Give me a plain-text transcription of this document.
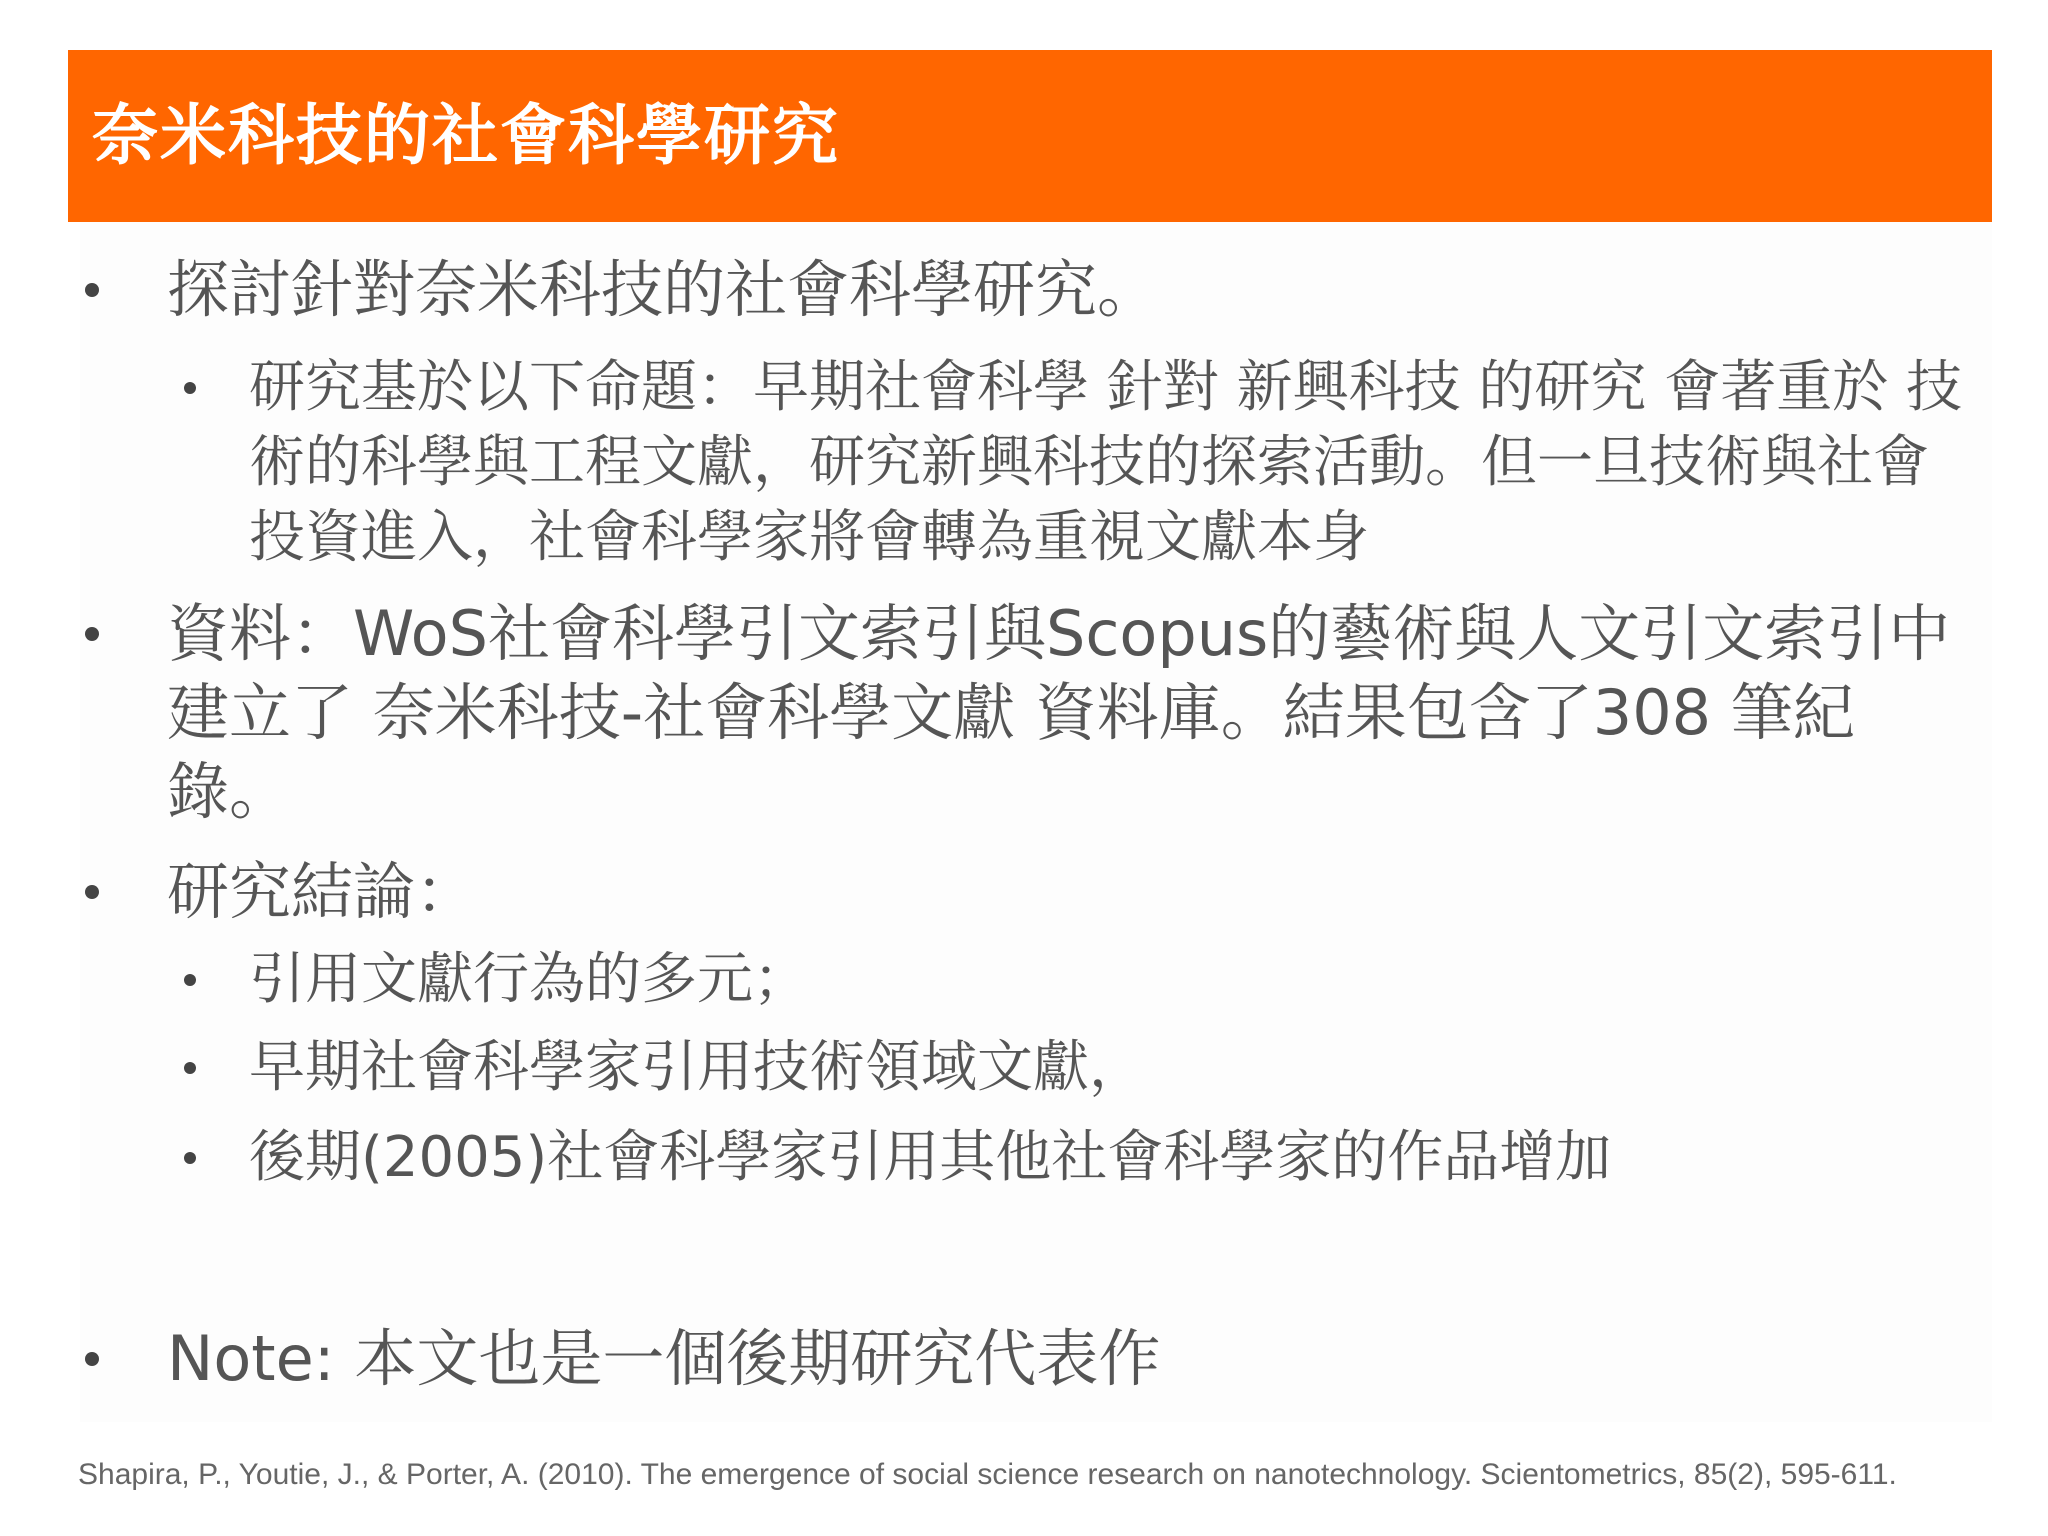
奈米科技的社會科學研究
探討針對奈米科技的社會科學研究。
研究基於以下命題：早期社會科學 針對 新興科技 的研究 會著重於 技術的科學與工程文獻，研究新興科技的探索活動。但一旦技術與社會投資進入，社會科學家將會轉為重視文獻本身
資料：WoS社會科學引文索引與Scopus的藝術與人文引文索引中 建立了 奈米科技-社會科學文獻 資料庫。結果包含了308 筆紀錄。
研究結論：
引用文獻行為的多元；
早期社會科學家引用技術領域文獻，
後期(2005)社會科學家引用其他社會科學家的作品增加
Note: 本文也是一個後期研究代表作
Shapira, P., Youtie, J., & Porter, A. (2010). The emergence of social science research on nanotechnology. Scientometrics, 85(2), 595-611.
